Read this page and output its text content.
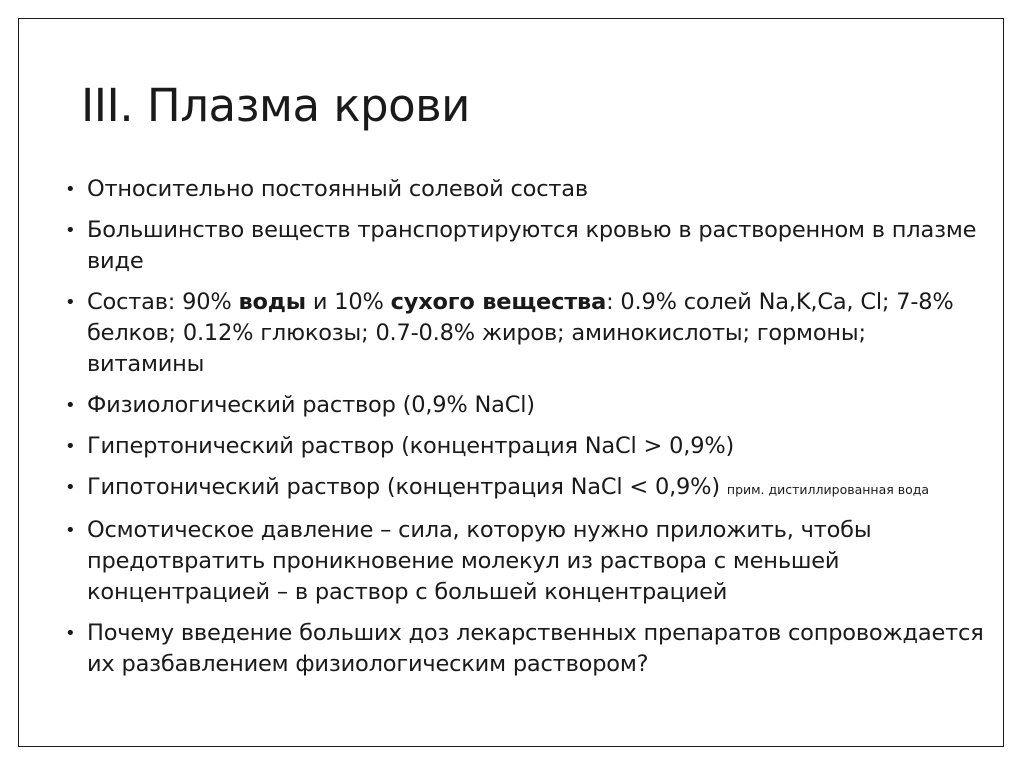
III. Плазма крови
• Относительно постоянный солевой состав
• Большинство веществ транспортируются кровью в растворенном в плазме виде
• Состав: 90% воды и 10% сухого вещества: 0.9% солей Na,K,Ca, Cl; 7-8% белков; 0.12% глюкозы; 0.7-0.8% жиров; аминокислоты; гормоны; витамины
• Физиологический раствор (0,9% NaCl)
• Гипертонический раствор (концентрация NaCl > 0,9%)
• Гипотонический раствор (концентрация NaCl < 0,9%) прим. дистиллированная вода
• Осмотическое давление – сила, которую нужно приложить, чтобы предотвратить проникновение молекул из раствора с меньшей концентрацией – в раствор с большей концентрацией
• Почему введение больших доз лекарственных препаратов сопровождается их разбавлением физиологическим раствором?
